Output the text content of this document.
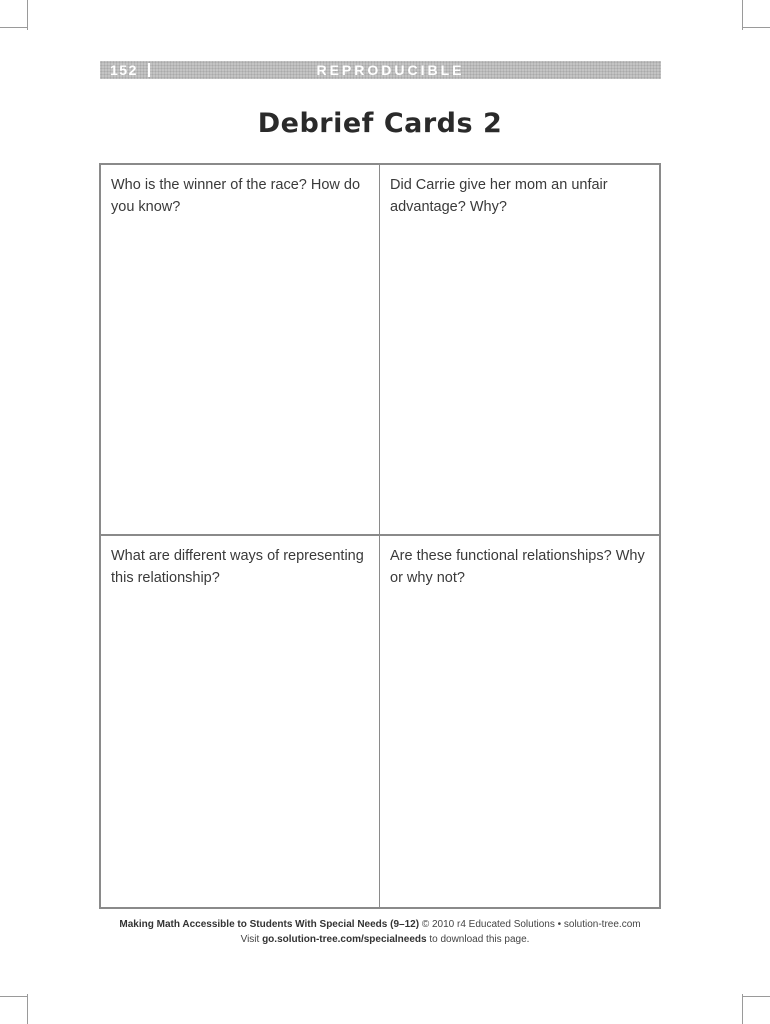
152	REPRODUCIBLE
Debrief Cards 2

Who is the winner of the race? How do you know?

Did Carrie give her mom an unfair advantage? Why?

What are different ways of representing this relationship?

Are these functional relationships? Why or why not?

Making Math Accessible to Students With Special Needs (9–12) © 2010 r4 Educated Solutions • solution-tree.com
Visit go.solution-tree.com/specialneeds to download this page.
